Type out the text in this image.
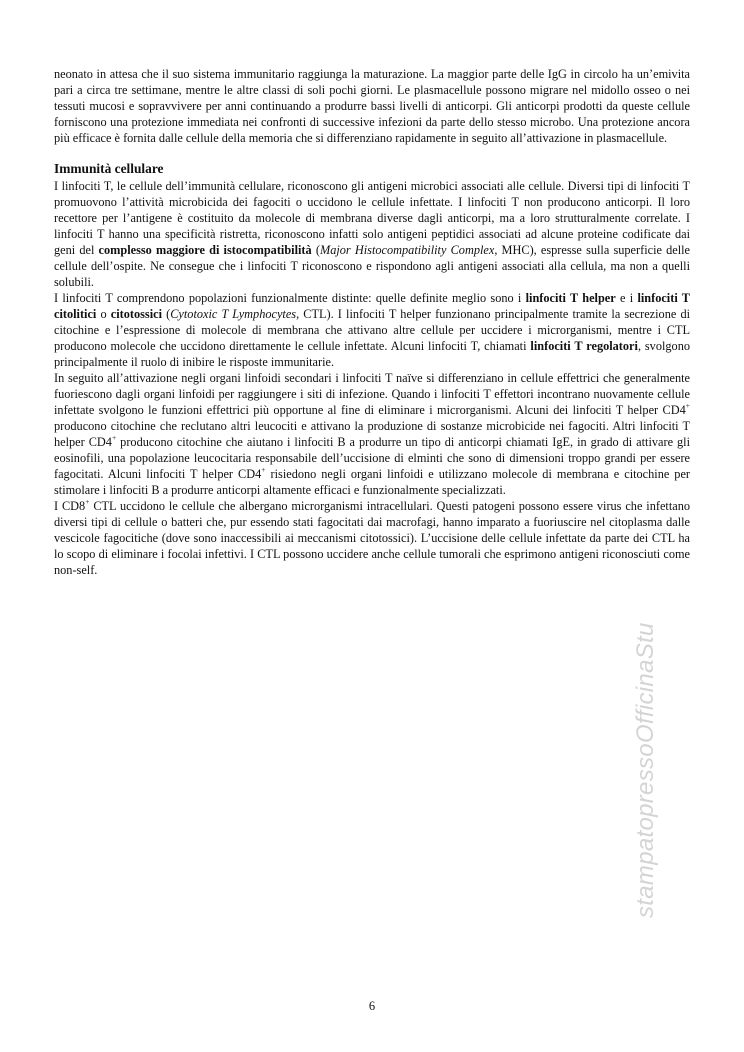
neonato in attesa che il suo sistema immunitario raggiunga la maturazione. La maggior parte delle IgG in circolo ha un’emivita pari a circa tre settimane, mentre le altre classi di soli pochi giorni. Le plasmacellule possono migrare nel midollo osseo o nei tessuti mucosi e sopravvivere per anni continuando a produrre bassi livelli di anticorpi. Gli anticorpi prodotti da queste cellule forniscono una protezione immediata nei confronti di successive infezioni da parte dello stesso microbo. Una protezione ancora più efficace è fornita dalle cellule della memoria che si differenziano rapidamente in seguito all’attivazione in plasmacellule.

Immunità cellulare

I linfociti T, le cellule dell’immunità cellulare, riconoscono gli antigeni microbici associati alle cellule. Diversi tipi di linfociti T promuovono l’attività microbicida dei fagociti o uccidono le cellule infettate. I linfociti T non producono anticorpi. Il loro recettore per l’antigene è costituito da molecole di membrana diverse dagli anticorpi, ma a loro strutturalmente correlate. I linfociti T hanno una specificità ristretta, riconoscono infatti solo antigeni peptidici associati ad alcune proteine codificate dai geni del complesso maggiore di istocompatibilità (Major Histocompatibility Complex, MHC), espresse sulla superficie delle cellule dell’ospite. Ne consegue che i linfociti T riconoscono e rispondono agli antigeni associati alla cellula, ma non a quelli solubili.

I linfociti T comprendono popolazioni funzionalmente distinte: quelle definite meglio sono i linfociti T helper e i linfociti T citolitici o citotossici (Cytotoxic T Lymphocytes, CTL). I linfociti T helper funzionano principalmente tramite la secrezione di citochine e l’espressione di molecole di membrana che attivano altre cellule per uccidere i microrganismi, mentre i CTL producono molecole che uccidono direttamente le cellule infettate. Alcuni linfociti T, chiamati linfociti T regolatori, svolgono principalmente il ruolo di inibire le risposte immunitarie.

In seguito all’attivazione negli organi linfoidi secondari i linfociti T naïve si differenziano in cellule effettrici che generalmente fuoriescono dagli organi linfoidi per raggiungere i siti di infezione. Quando i linfociti T effettori incontrano nuovamente cellule infettate svolgono le funzioni effettrici più opportune al fine di eliminare i microrganismi. Alcuni dei linfociti T helper CD4+ producono citochine che reclutano altri leucociti e attivano la produzione di sostanze microbicide nei fagociti. Altri linfociti T helper CD4+ producono citochine che aiutano i linfociti B a produrre un tipo di anticorpi chiamati IgE, in grado di attivare gli eosinofili, una popolazione leucocitaria responsabile dell’uccisione di elminti che sono di dimensioni troppo grandi per essere fagocitati. Alcuni linfociti T helper CD4+ risiedono negli organi linfoidi e utilizzano molecole di membrana e citochine per stimolare i linfociti B a produrre anticorpi altamente efficaci e funzionalmente specializzati.

I CD8+ CTL uccidono le cellule che albergano microrganismi intracellulari. Questi patogeni possono essere virus che infettano diversi tipi di cellule o batteri che, pur essendo stati fagocitati dai macrofagi, hanno imparato a fuoriuscire nel citoplasma dalle vescicole fagocitiche (dove sono inaccessibili ai meccanismi citotossici). L’uccisione delle cellule infettate da parte dei CTL ha lo scopo di eliminare i focolai infettivi. I CTL possono uccidere anche cellule tumorali che esprimono antigeni riconosciuti come non-self.

stampatopressoOfficinaStu
6
